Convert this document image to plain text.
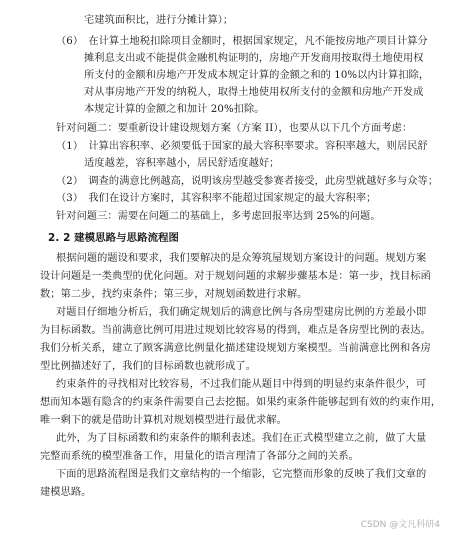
宅建筑面积比，进行分摊计算）；
（6）　在计算土地税扣除项目金额时，根据国家规定，凡不能按房地产项目计算分
摊利息支出或不能提供金融机构证明的，房地产开发商用按取得土地使用权
所支付的金额和房地产开发成本规定计算的金额之和的 10%以内计算扣除，
对从事房地产开发的纳税人，取得土地使用权所支付的金额和房地产开发成
本规定计算的金额之和加计 20%扣除。
针对问题二：要重新设计建设规划方案（方案 II），也要从以下几个方面考虑：
（1）　计算出容积率、必须要低于国家的最大容积率要求。容积率越大，则居民舒
适度越差，容积率越小，居民舒适度越好；
（2）　调查的满意比例越高，说明该房型越受参赛者接受，此房型就越好多与众等；
（3）　我们在设计方案时，其容积率不能超过国家规定的最大容积率；
针对问题三：需要在问题二的基础上，多考虑回报率达到 25%的问题。
2. 2 建模思路与思路流程图
根据问题的题设和要求，我们要解决的是众筹筑屋规划方案设计的问题。规划方案
设计问题是一类典型的优化问题。对于规划问题的求解步骤基本是：第一步，找目标函
数；第二步，找约束条件；第三步，对规划函数进行求解。
对题目仔细地分析后，我们确定规划后的满意比例与各房型建房比例的方差最小即
为目标函数。当前满意比例可用进过规划比较容易的得到，难点是各房型比例的表达。
我们分析关系，建立了顾客满意比例量化描述建设规划方案模型。当前满意比例和各房
型比例描述好了，我们的目标函数也就形成了。
约束条件的寻找相对比较容易，不过我们能从题目中得到的明显约束条件很少，可
想而知本题有隐含的约束条件需要自己去挖掘。如果约束条件能够起到有效的约束作用，
唯一剩下的就是借助计算机对规划模型进行最优求解。
此外，为了目标函数和约束条件的顺利表述。我们在正式模型建立之前，做了大量
完整而系统的模型准备工作，用量化的语言理清了各部分之间的关系。
下面的思路流程图是我们文章结构的一个缩影，它完整而形象的反映了我们文章的
建模思路。
CSDN @文凡科研4
